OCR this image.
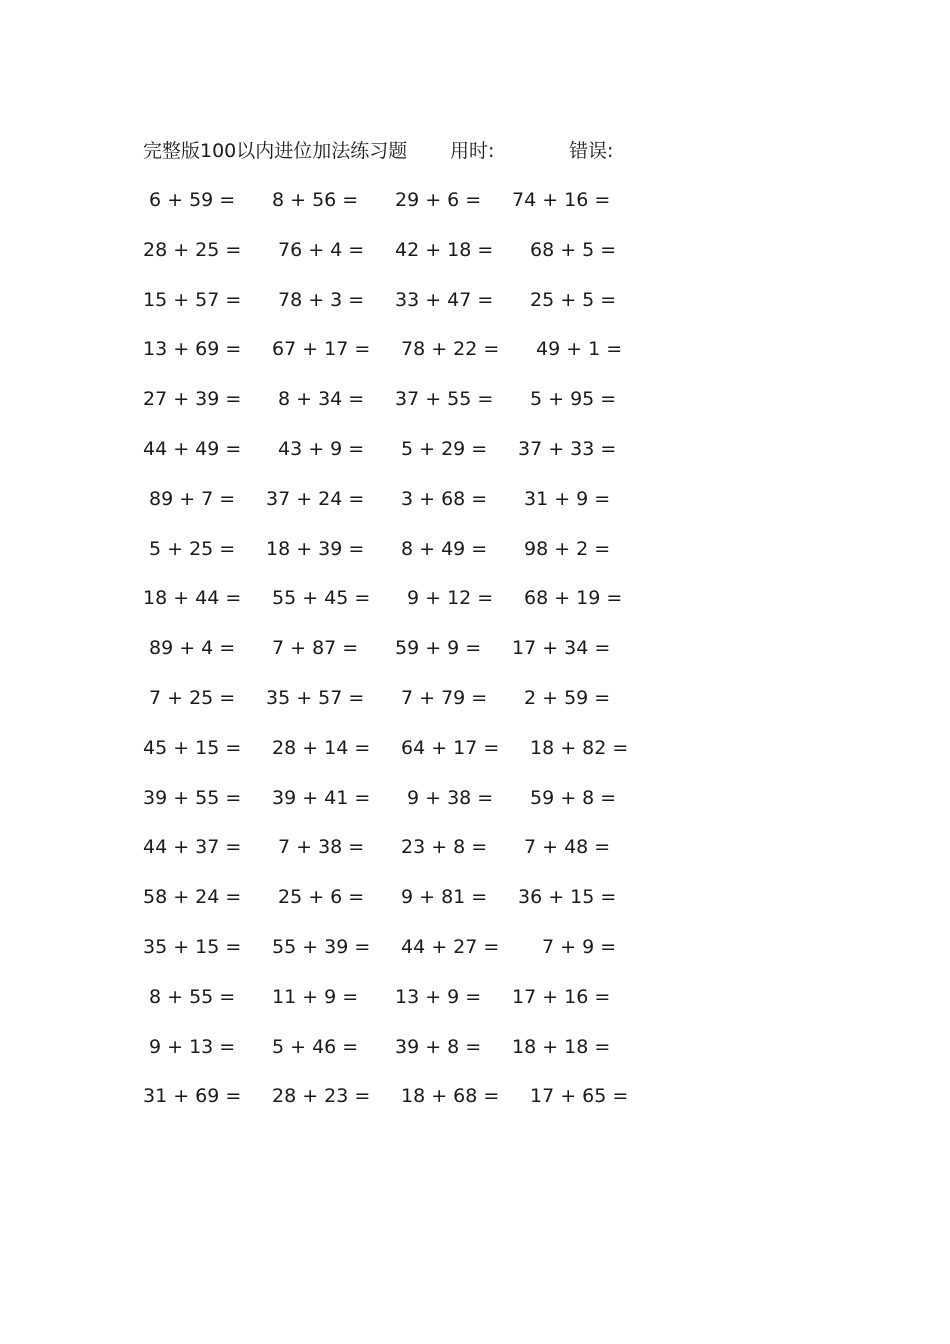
完整版100以内进位加法练习题 用时:	错误:
6 + 59 = 8 + 56 = 29 + 6 = 74 + 16 =
28 + 25 = 76 + 4 = 42 + 18 = 68 + 5 =
15 + 57 = 78 + 3 = 33 + 47 = 25 + 5 =
13 + 69 = 67 + 17 = 78 + 22 = 49 + 1 =
27 + 39 = 8 + 34 = 37 + 55 = 5 + 95 =
44 + 49 = 43 + 9 = 5 + 29 = 37 + 33 =
89 + 7 = 37 + 24 = 3 + 68 = 31 + 9 =
5 + 25 = 18 + 39 = 8 + 49 = 98 + 2 =
18 + 44 = 55 + 45 = 9 + 12 = 68 + 19 =
89 + 4 = 7 + 87 = 59 + 9 = 17 + 34 =
7 + 25 = 35 + 57 = 7 + 79 = 2 + 59 =
45 + 15 = 28 + 14 = 64 + 17 = 18 + 82 =
39 + 55 = 39 + 41 = 9 + 38 = 59 + 8 =
44 + 37 = 7 + 38 = 23 + 8 = 7 + 48 =
58 + 24 = 25 + 6 = 9 + 81 = 36 + 15 =
35 + 15 = 55 + 39 = 44 + 27 = 7 + 9 =
8 + 55 = 11 + 9 = 13 + 9 = 17 + 16 =
9 + 13 = 5 + 46 = 39 + 8 = 18 + 18 =
31 + 69 = 28 + 23 = 18 + 68 = 17 + 65 =
